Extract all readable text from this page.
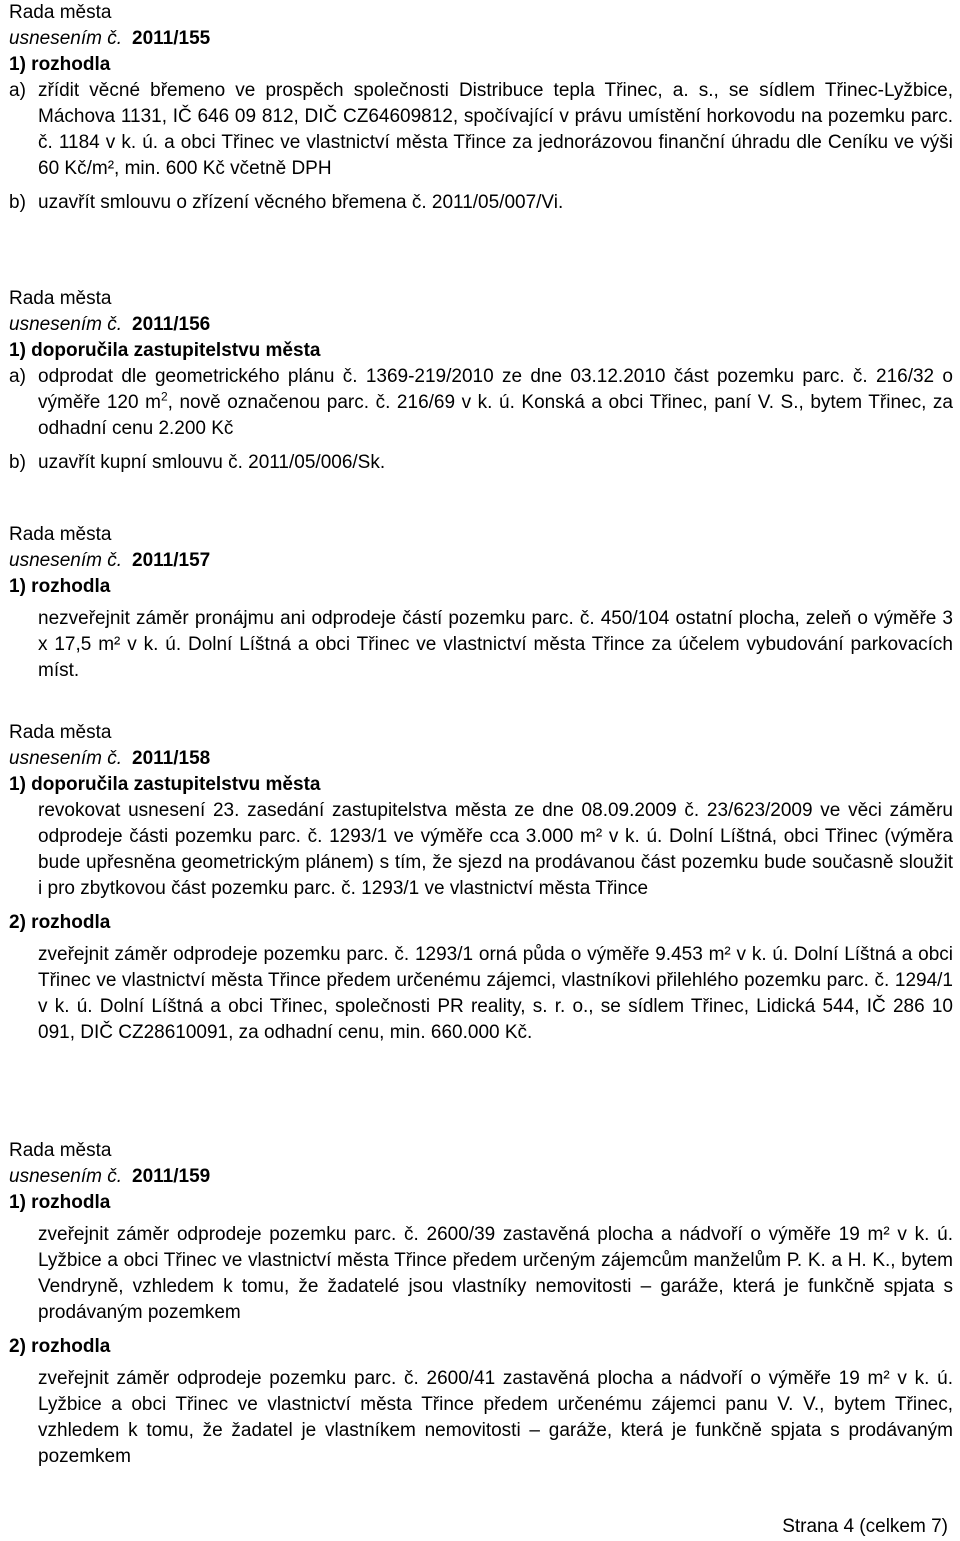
Rada města
usnesením č. 2011/155
1) rozhodla
a) zřídit věcné břemeno ve prospěch společnosti Distribuce tepla Třinec, a. s., se sídlem Třinec-Lyžbice, Máchova 1131, IČ 646 09 812, DIČ CZ64609812, spočívající v právu umístění horkovodu na pozemku parc. č. 1184 v k. ú. a obci Třinec ve vlastnictví města Třince za jednorázovou finanční úhradu dle Ceníku ve výši 60 Kč/m², min. 600 Kč včetně DPH
b) uzavřít smlouvu o zřízení věcného břemena č. 2011/05/007/Vi.
Rada města
usnesením č. 2011/156
1) doporučila zastupitelstvu města
a) odprodat dle geometrického plánu č. 1369-219/2010 ze dne 03.12.2010 část pozemku parc. č. 216/32 o výměře 120 $m^2$, nově označenou parc. č. 216/69 v k. ú. Konská a obci Třinec, paní V. S., bytem Třinec, za odhadní cenu 2.200 Kč
b) uzavřít kupní smlouvu č. 2011/05/006/Sk.
Rada města
usnesením č. 2011/157
1) rozhodla
nezveřejnit záměr pronájmu ani odprodeje částí pozemku parc. č. 450/104 ostatní plocha, zeleň o výměře 3 x 17,5 m² v k. ú. Dolní Líštná a obci Třinec ve vlastnictví města Třince za účelem vybudování parkovacích míst.
Rada města
usnesením č. 2011/158
1) doporučila zastupitelstvu města
revokovat usnesení 23. zasedání zastupitelstva města ze dne 08.09.2009 č. 23/623/2009 ve věci záměru odprodeje části pozemku parc. č. 1293/1 ve výměře cca 3.000 m² v k. ú. Dolní Líštná, obci Třinec (výměra bude upřesněna geometrickým plánem) s tím, že sjezd na prodávanou část pozemku bude současně sloužit i pro zbytkovou část pozemku parc. č. 1293/1 ve vlastnictví města Třince
2) rozhodla
zveřejnit záměr odprodeje pozemku parc. č. 1293/1 orná půda o výměře 9.453 m² v k. ú. Dolní Líštná a obci Třinec ve vlastnictví města Třince předem určenému zájemci, vlastníkovi přilehlého pozemku parc. č. 1294/1 v k. ú. Dolní Líštná a obci Třinec, společnosti PR reality, s. r. o., se sídlem Třinec, Lidická 544, IČ 286 10 091, DIČ CZ28610091, za odhadní cenu, min. 660.000 Kč.
Rada města
usnesením č. 2011/159
1) rozhodla
zveřejnit záměr odprodeje pozemku parc. č. 2600/39 zastavěná plocha a nádvoří o výměře 19 m² v k. ú. Lyžbice a obci Třinec ve vlastnictví města Třince předem určeným zájemcům manželům P. K. a H. K., bytem Vendryně, vzhledem k tomu, že žadatelé jsou vlastníky nemovitosti – garáže, která je funkčně spjata s prodávaným pozemkem
2) rozhodla
zveřejnit záměr odprodeje pozemku parc. č. 2600/41 zastavěná plocha a nádvoří o výměře 19 m² v k. ú. Lyžbice a obci Třinec ve vlastnictví města Třince předem určenému zájemci panu V. V., bytem Třinec, vzhledem k tomu, že žadatel je vlastníkem nemovitosti – garáže, která je funkčně spjata s prodávaným pozemkem
Strana 4 (celkem 7)
